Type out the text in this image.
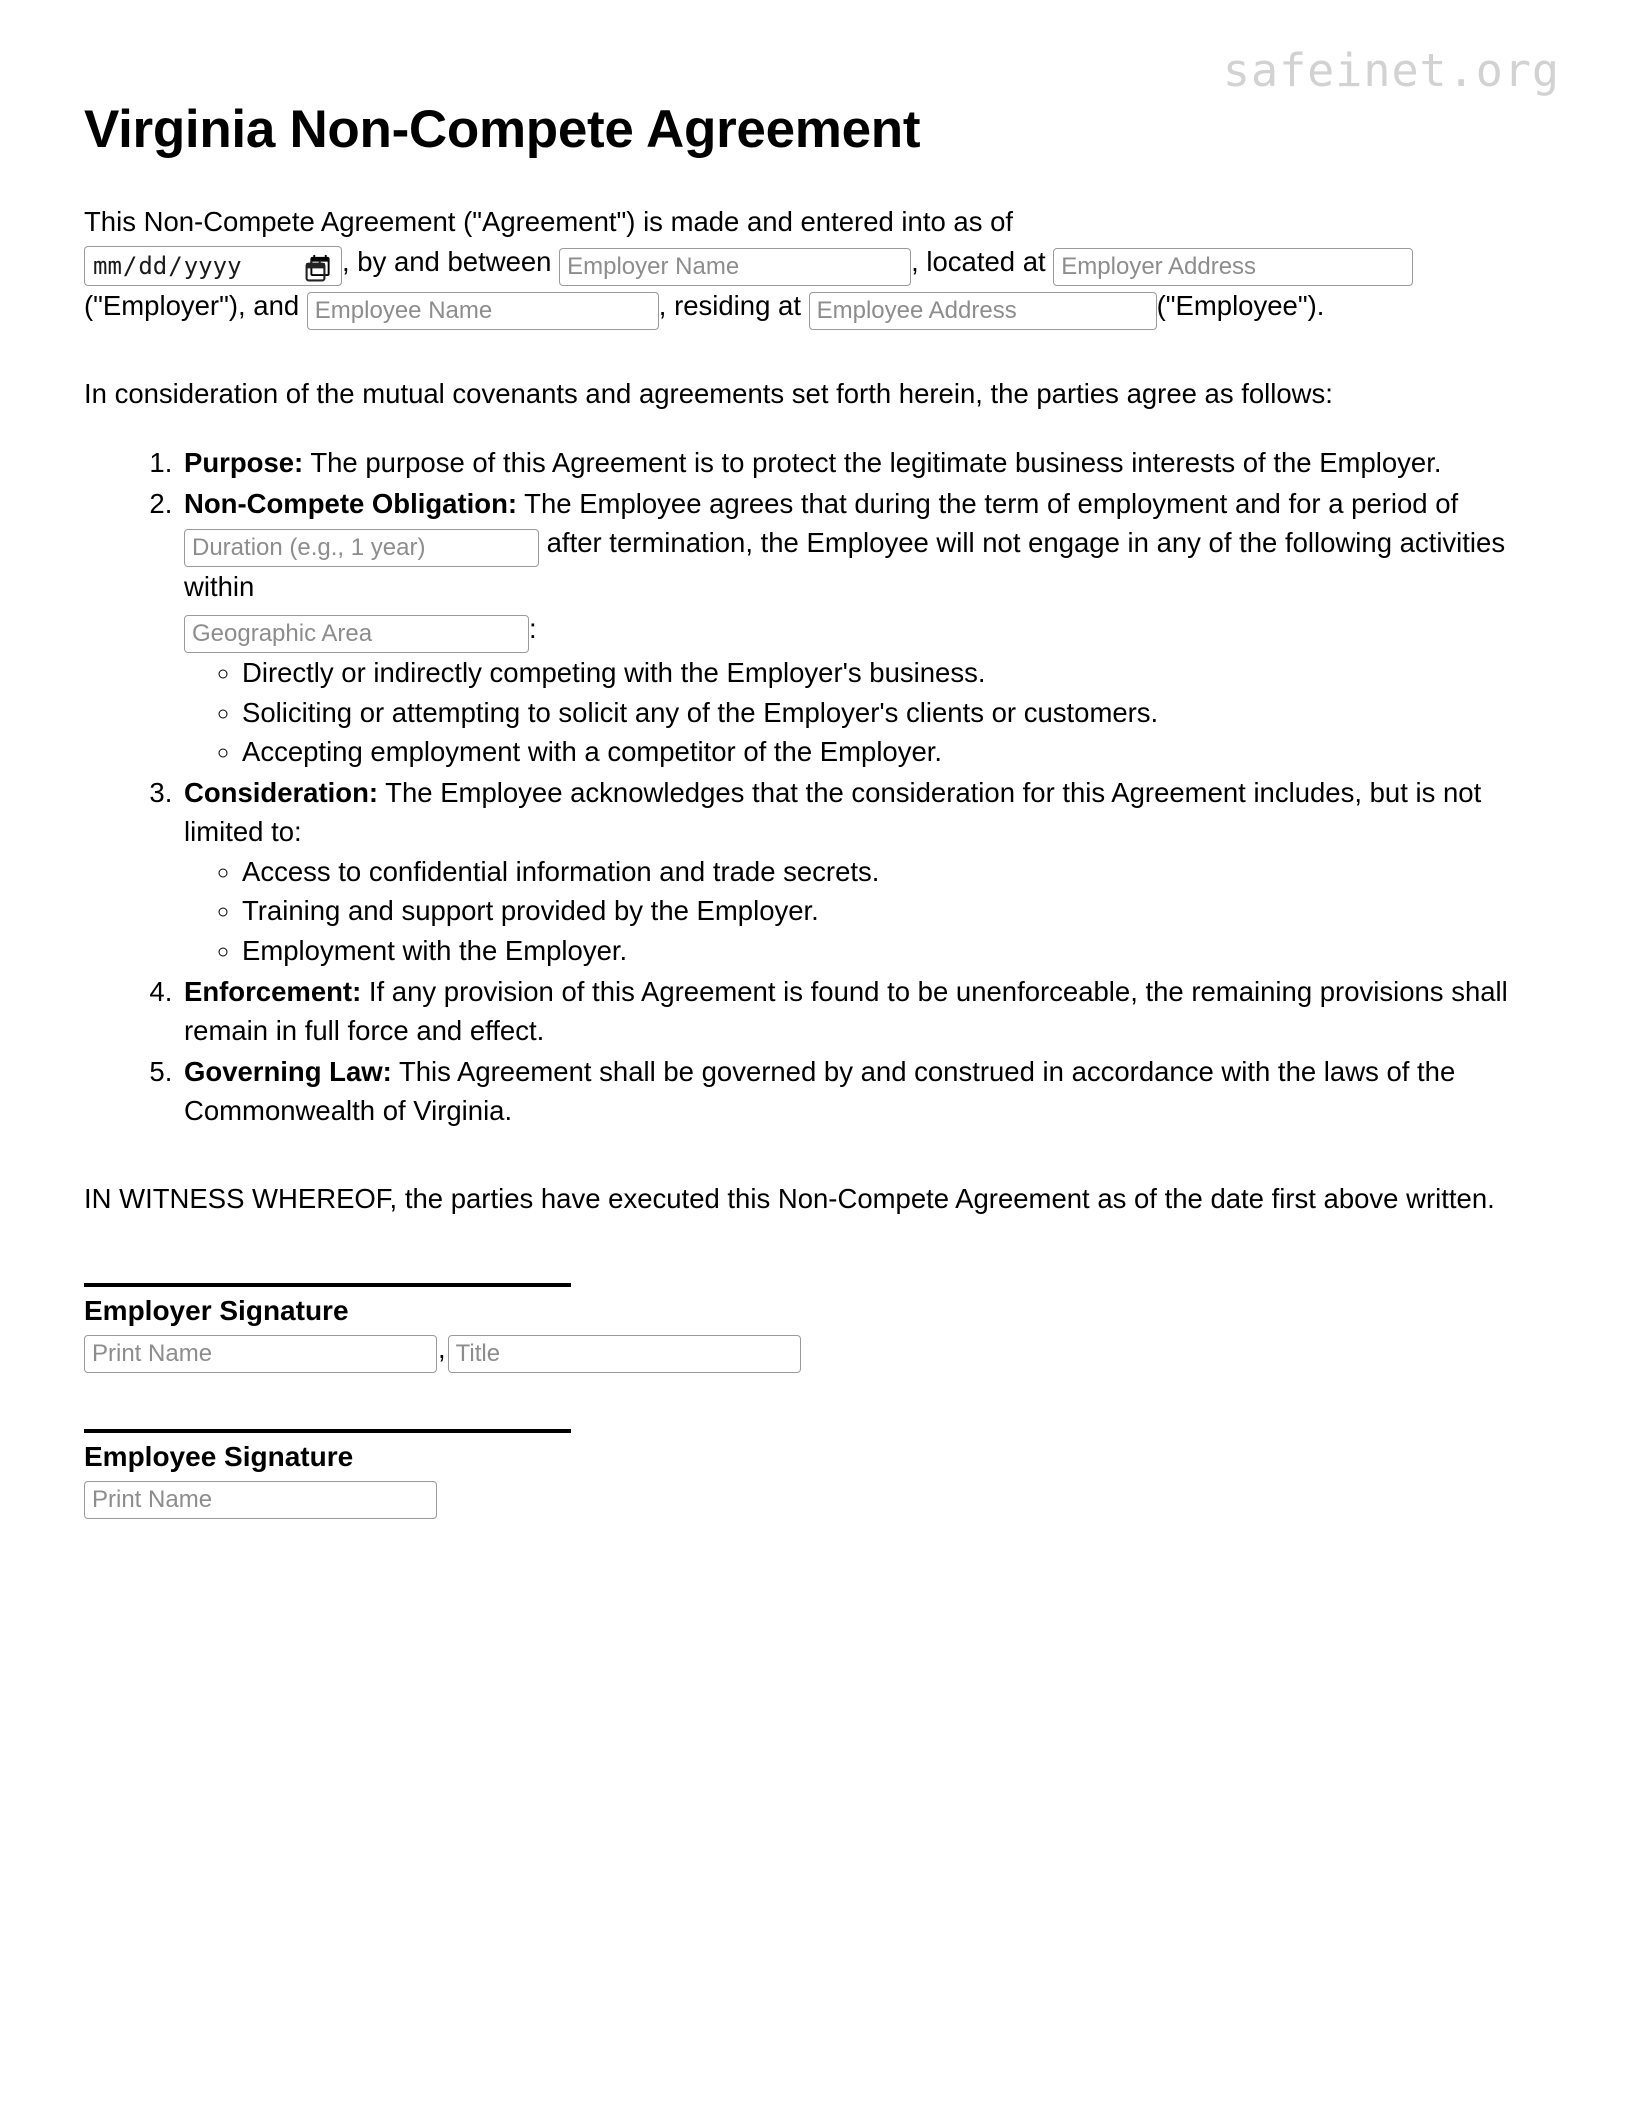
safeinet.org
Virginia Non-Compete Agreement

This Non-Compete Agreement ("Agreement") is made and entered into as of
mm/dd/yyyy
, by and between Employer Name	, located at Employer Address
("Employer"), and Employee Name	, residing at Employee Address	("Employee").

In consideration of the mutual covenants and agreements set forth herein, the parties agree as follows:

1. Purpose: The purpose of this Agreement is to protect the legitimate business interests of the Employer.
2. Non-Compete Obligation: The Employee agrees that during the term of employment and for a period of Duration (e.g., 1 year) after termination, the Employee will not engage in any of the following activities within
Geographic Area:
◦ Directly or indirectly competing with the Employer's business.
◦ Soliciting or attempting to solicit any of the Employer's clients or customers.
◦ Accepting employment with a competitor of the Employer.
3. Consideration: The Employee acknowledges that the consideration for this Agreement includes, but is not limited to:
◦ Access to confidential information and trade secrets.
◦ Training and support provided by the Employer.
◦ Employment with the Employer.
4. Enforcement: If any provision of this Agreement is found to be unenforceable, the remaining provisions shall remain in full force and effect.
5. Governing Law: This Agreement shall be governed by and construed in accordance with the laws of the Commonwealth of Virginia.

IN WITNESS WHEREOF, the parties have executed this Non-Compete Agreement as of the date first above written.

Employer Signature
Print Name,Title
Employee Signature
Print Name
